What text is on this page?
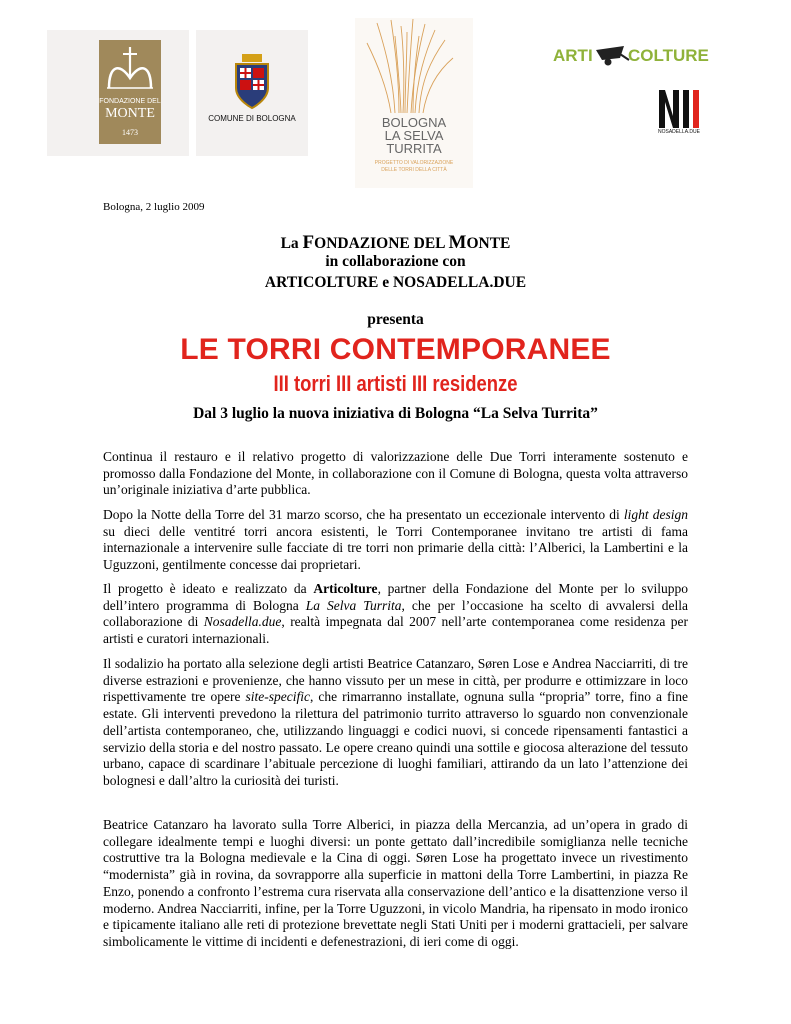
FONDAZIONE DEL
MONTE
1473
COMUNE DI BOLOGNA	BOLOGNA
LA SELVA
TURRITA
PROGETTO DI VALORIZZAZIONE
DELLE TORRI DELLA CITTÀ
ARTI COLTURE
NOSADELLA.DUE
Bologna, 2 luglio 2009
La FONDAZIONE DEL MONTE
in collaborazione con
ARTICOLTURE e NOSADELLA.DUE
presenta
LE TORRI CONTEMPORANEE
III torri III artisti III residenze
Dal 3 luglio la nuova iniziativa di Bologna “La Selva Turrita”
Continua il restauro e il relativo progetto di valorizzazione delle Due Torri interamente sostenuto e promosso dalla Fondazione del Monte, in collaborazione con il Comune di Bologna, questa volta attraverso un’originale iniziativa d’arte pubblica.
Dopo la Notte della Torre del 31 marzo scorso, che ha presentato un eccezionale intervento di light design su dieci delle ventitré torri ancora esistenti, le Torri Contemporanee invitano tre artisti di fama internazionale a intervenire sulle facciate di tre torri non primarie della città: l’Alberici, la Lambertini e la Uguzzoni, gentilmente concesse dai proprietari.
Il progetto è ideato e realizzato da Articolture, partner della Fondazione del Monte per lo sviluppo dell’intero programma di Bologna La Selva Turrita, che per l’occasione ha scelto di avvalersi della collaborazione di Nosadella.due, realtà impegnata dal 2007 nell’arte contemporanea come residenza per artisti e curatori internazionali.
Il sodalizio ha portato alla selezione degli artisti Beatrice Catanzaro, Søren Lose e Andrea Nacciarriti, di tre diverse estrazioni e provenienze, che hanno vissuto per un mese in città, per produrre e ottimizzare in loco rispettivamente tre opere site-specific, che rimarranno installate, ognuna sulla “propria” torre, fino a fine estate. Gli interventi prevedono la rilettura del patrimonio turrito attraverso lo sguardo non convenzionale dell’artista contemporaneo, che, utilizzando linguaggi e codici nuovi, si concede ripensamenti fantastici a servizio della storia e del nostro passato. Le opere creano quindi una sottile e giocosa alterazione del tessuto urbano, capace di scardinare l’abituale percezione di luoghi familiari, attirando da un lato l’attenzione dei bolognesi e dall’altro la curiosità dei turisti.
Beatrice Catanzaro ha lavorato sulla Torre Alberici, in piazza della Mercanzia, ad un’opera in grado di collegare idealmente tempi e luoghi diversi: un ponte gettato dall’incredibile somiglianza nelle tecniche costruttive tra la Bologna medievale e la Cina di oggi. Søren Lose ha progettato invece un rivestimento “modernista” già in rovina, da sovrapporre alla superficie in mattoni della Torre Lambertini, in piazza Re Enzo, ponendo a confronto l’estrema cura riservata alla conservazione dell’antico e la disattenzione verso il moderno. Andrea Nacciarriti, infine, per la Torre Uguzzoni, in vicolo Mandria, ha ripensato in modo ironico e tipicamente italiano alle reti di protezione brevettate negli Stati Uniti per i moderni grattacieli, per salvare simbolicamente le vittime di incidenti e defenestrazioni, di ieri come di oggi.
